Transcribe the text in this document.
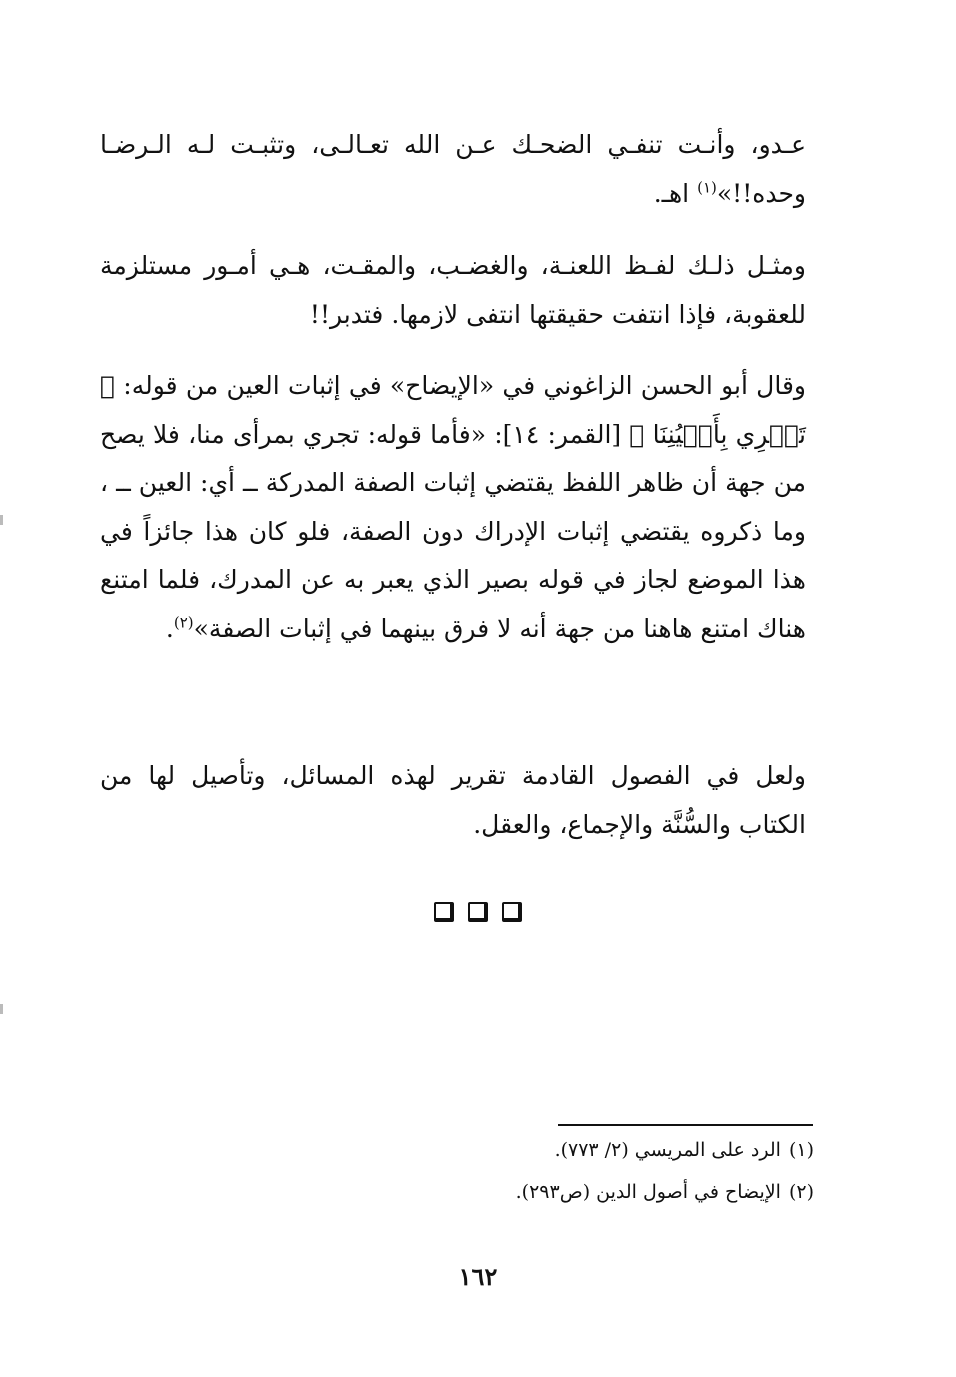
عـدو، وأنـت تنفـي الضحـك عـن الله تعـالـى، وتثبـت لـه الـرضـا وحده!!»$^{(١)}$ اهـ.

ومثـل ذلـك لفـظ اللعنـة، والغضـب، والمقـت، هـي أمـور مستلزمة للعقوبة، فإذا انتفت حقيقتها انتفى لازمها. فتدبر!!

وقال أبو الحسن الزاغوني في «الإيضاح» في إثبات العين من قوله: ﴿ تَجۡرِي بِأَعۡيُنِنَا ﴾ [القمر: ١٤]: «فأما قوله: تجري بمرأى منا، فلا يصح من جهة أن ظاهر اللفظ يقتضي إثبات الصفة المدركة ــ أي: العين ــ ، وما ذكروه يقتضي إثبات الإدراك دون الصفة، فلو كان هذا جائزاً في هذا الموضع لجاز في قوله بصير الذي يعبر به عن المدرك، فلما امتنع هناك امتنع هاهنا من جهة أنه لا فرق بينهما في إثبات الصفة»$^{(٢)}$.

ولعل في الفصول القادمة تقرير لهذه المسائل، وتأصيل لها من الكتاب والسُّنَّة والإجماع، والعقل.

(١)الرد على المريسي (٢/ ٧٧٣).
(٢)الإيضاح في أصول الدين (ص٢٩٣).
١٦٢
